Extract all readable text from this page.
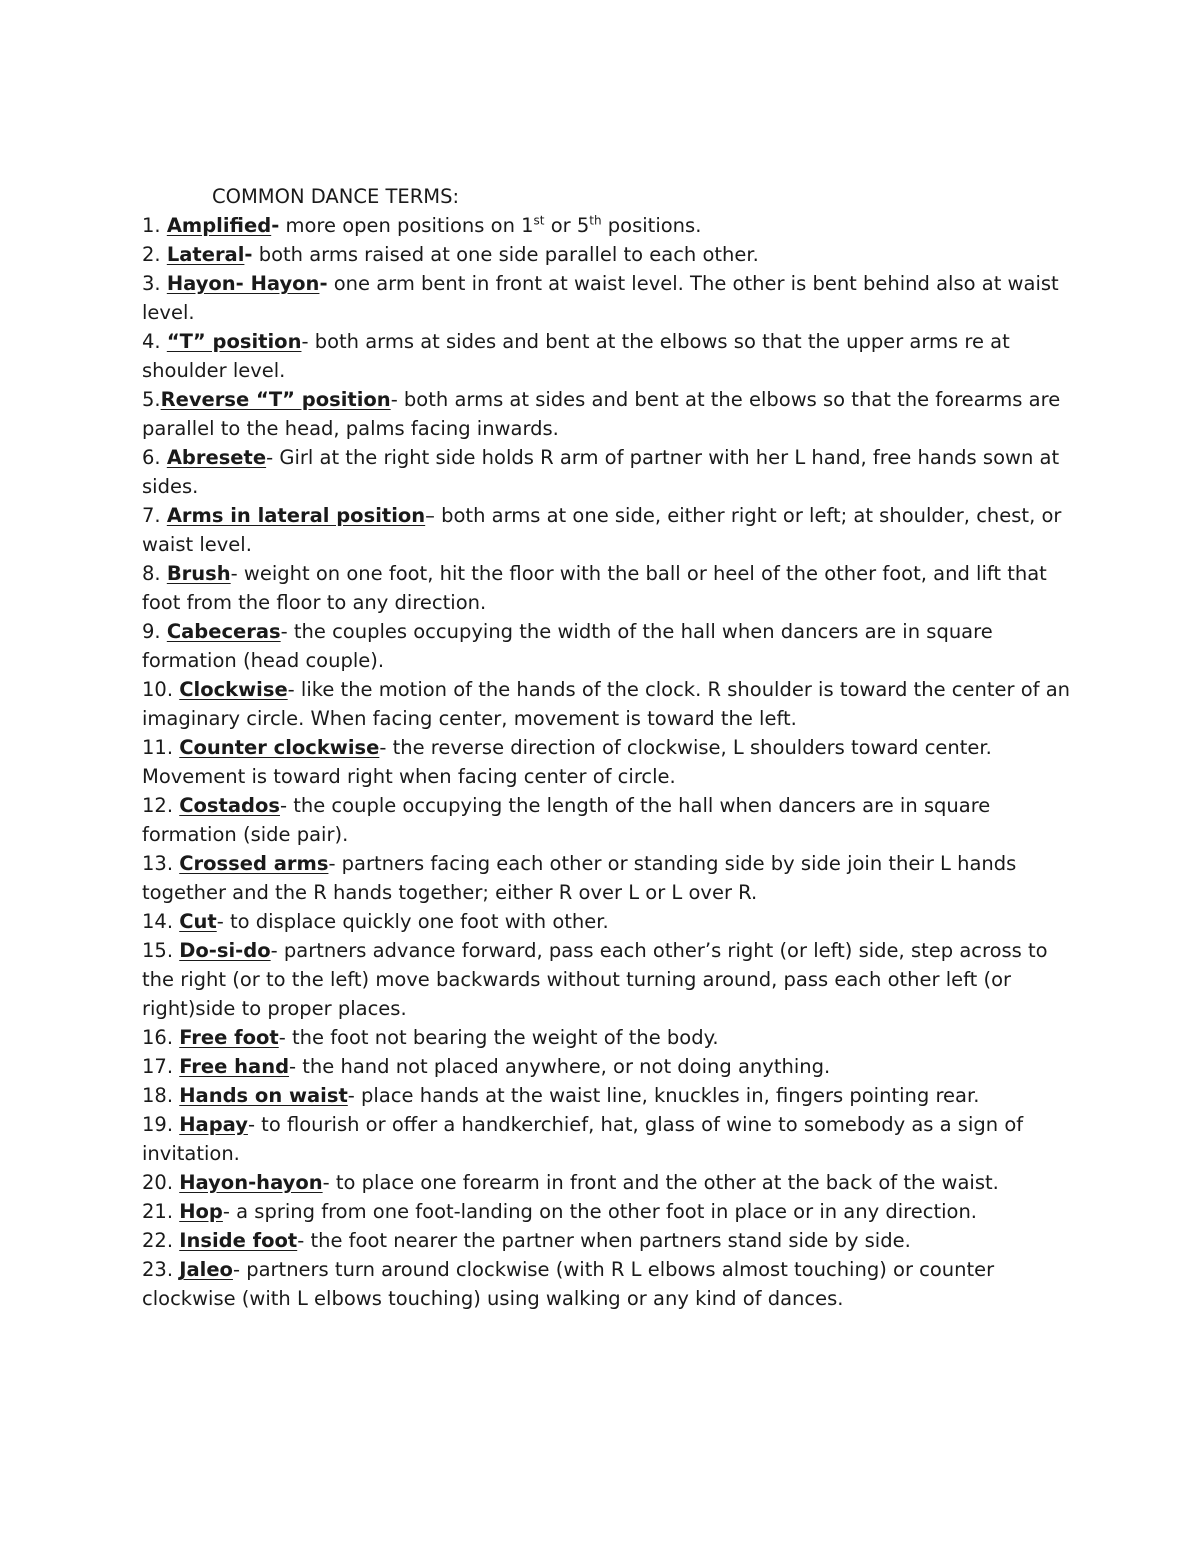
COMMON DANCE TERMS:

1. Amplified- more open positions on 1st or 5th positions.

2. Lateral- both arms raised at one side parallel to each other.

3. Hayon- Hayon- one arm bent in front at waist level. The other is bent behind also at waist level.

4. “T” position- both arms at sides and bent at the elbows so that the upper arms re at shoulder level.

5.Reverse “T” position- both arms at sides and bent at the elbows so that the forearms are parallel to the head, palms facing inwards.

6. Abresete- Girl at the right side holds R arm of partner with her L hand, free hands sown at sides.

7. Arms in lateral position– both arms at one side, either right or left; at shoulder, chest, or waist level.

8. Brush- weight on one foot, hit the floor with the ball or heel of the other foot, and lift that foot from the floor to any direction.

9. Cabeceras- the couples occupying the width of the hall when dancers are in square formation (head couple).

10. Clockwise- like the motion of the hands of the clock. R shoulder is toward the center of an imaginary circle. When facing center, movement is toward the left.

11. Counter clockwise- the reverse direction of clockwise, L shoulders toward center. Movement is toward right when facing center of circle.

12. Costados- the couple occupying the length of the hall when dancers are in square formation (side pair).

13. Crossed arms- partners facing each other or standing side by side join their L hands together and the R hands together; either R over L or L over R.

14. Cut- to displace quickly one foot with other.

15. Do-si-do- partners advance forward, pass each other’s right (or left) side, step across to the right (or to the left) move backwards without turning around, pass each other left (or right)side to proper places.

16. Free foot- the foot not bearing the weight of the body.

17. Free hand- the hand not placed anywhere, or not doing anything.

18. Hands on waist- place hands at the waist line, knuckles in, fingers pointing rear.

19. Hapay- to flourish or offer a handkerchief, hat, glass of wine to somebody as a sign of invitation.

20. Hayon-hayon- to place one forearm in front and the other at the back of the waist.

21. Hop- a spring from one foot-landing on the other foot in place or in any direction.

22. Inside foot- the foot nearer the partner when partners stand side by side.

23. Jaleo- partners turn around clockwise (with R L elbows almost touching) or counter clockwise (with L elbows touching) using walking or any kind of dances.
